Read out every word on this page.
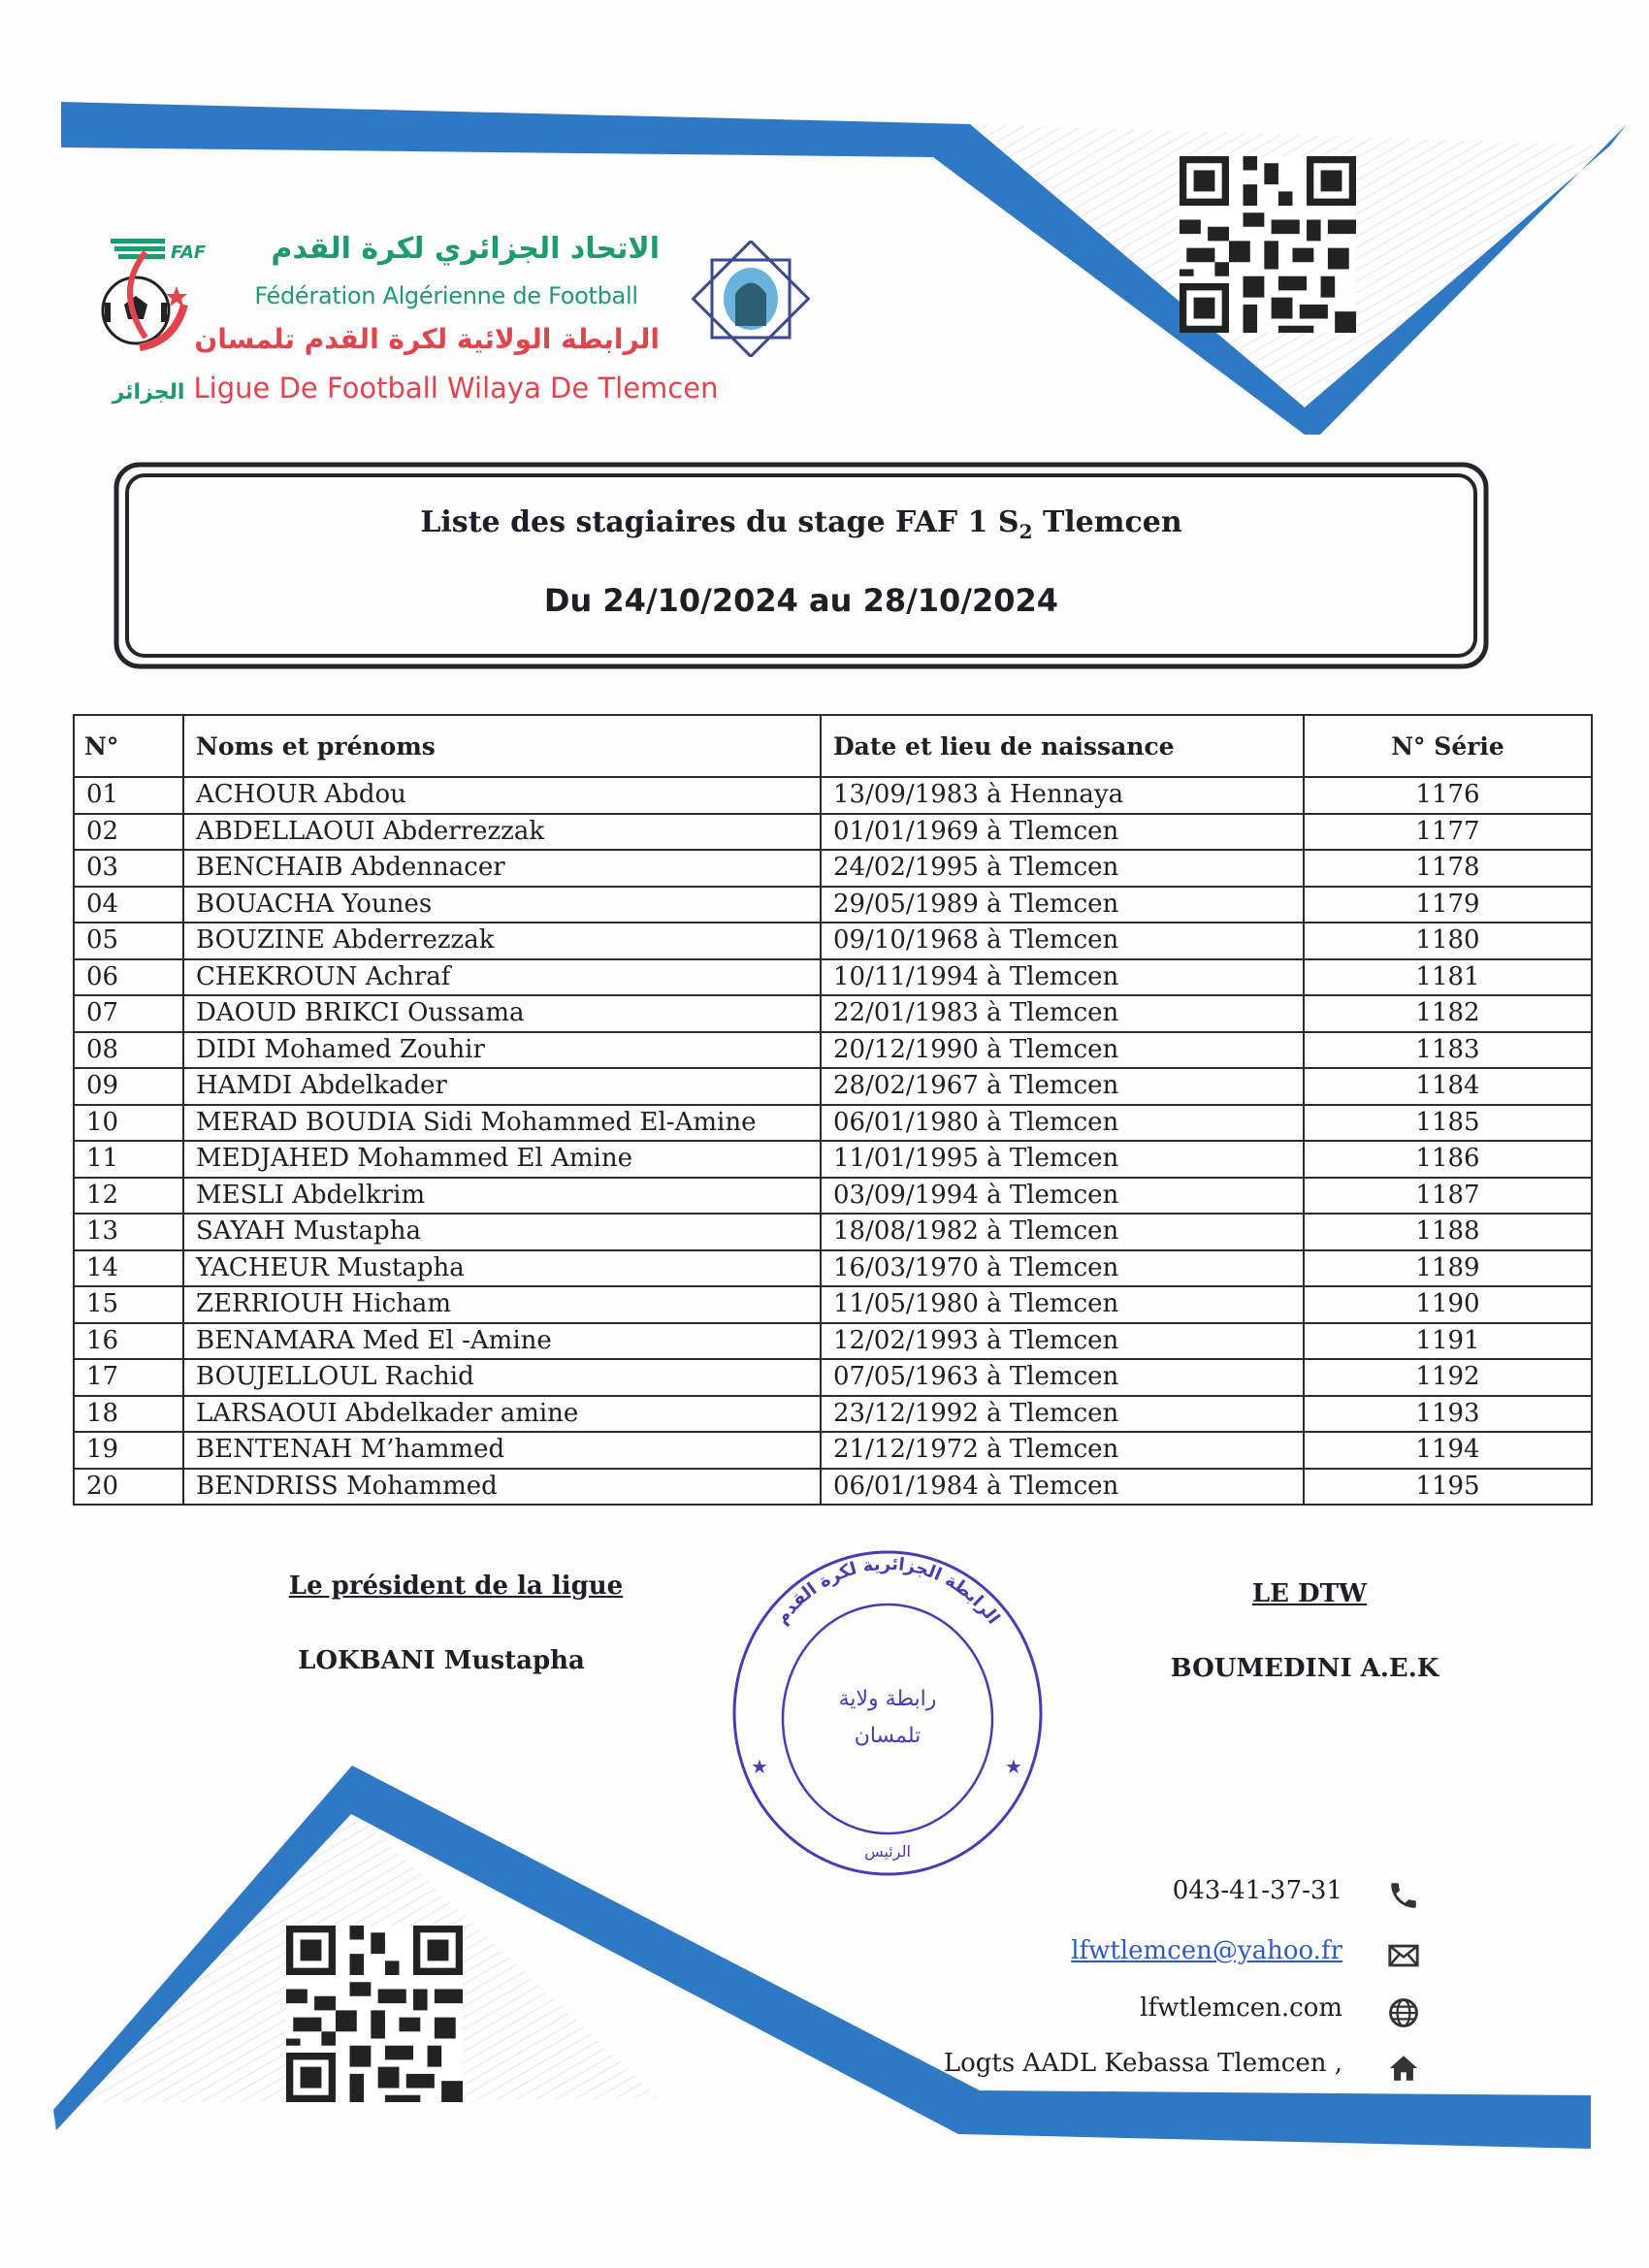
FAF
الجزائر
الاتحاد الجزائري لكرة القدم
Fédération Algérienne de Football
الرابطة الولائية لكرة القدم تلمسان
Ligue De Football Wilaya De Tlemcen
Liste des stagiaires du stage FAF 1 $S_2$ Tlemcen
Du 24/10/2024 au 28/10/2024
N°	Noms et prénoms	Date et lieu de naissance	N° Série
01	ACHOUR Abdou	13/09/1983 à Hennaya	1176
02	ABDELLAOUI Abderrezzak	01/01/1969 à Tlemcen	1177
03	BENCHAIB Abdennacer	24/02/1995 à Tlemcen	1178
04	BOUACHA Younes	29/05/1989 à Tlemcen	1179
05	BOUZINE Abderrezzak	09/10/1968 à Tlemcen	1180
06	CHEKROUN Achraf	10/11/1994 à Tlemcen	1181
07	DAOUD BRIKCI Oussama	22/01/1983 à Tlemcen	1182
08	DIDI Mohamed Zouhir	20/12/1990 à Tlemcen	1183
09	HAMDI Abdelkader	28/02/1967 à Tlemcen	1184
10	MERAD BOUDIA Sidi Mohammed El-Amine	06/01/1980 à Tlemcen	1185
11	MEDJAHED Mohammed El Amine	11/01/1995 à Tlemcen	1186
12	MESLI Abdelkrim	03/09/1994 à Tlemcen	1187
13	SAYAH Mustapha	18/08/1982 à Tlemcen	1188
14	YACHEUR Mustapha	16/03/1970 à Tlemcen	1189
15	ZERRIOUH Hicham	11/05/1980 à Tlemcen	1190
16	BENAMARA Med El -Amine	12/02/1993 à Tlemcen	1191
17	BOUJELLOUL Rachid	07/05/1963 à Tlemcen	1192
18	LARSAOUI Abdelkader amine	23/12/1992 à Tlemcen	1193
19	BENTENAH M’hammed	21/12/1972 à Tlemcen	1194
20	BENDRISS Mohammed	06/01/1984 à Tlemcen	1195
Le président de la ligue
LOKBANI Mustapha
LE DTW
BOUMEDINI A.E.K
الرابطة الجزائرية لكرة القدم
رابطة ولاية
تلمسان
الرئيس
★	★
043-41-37-31
lfwtlemcen@yahoo.fr
lfwtlemcen.com
Logts AADL Kebassa Tlemcen ,
